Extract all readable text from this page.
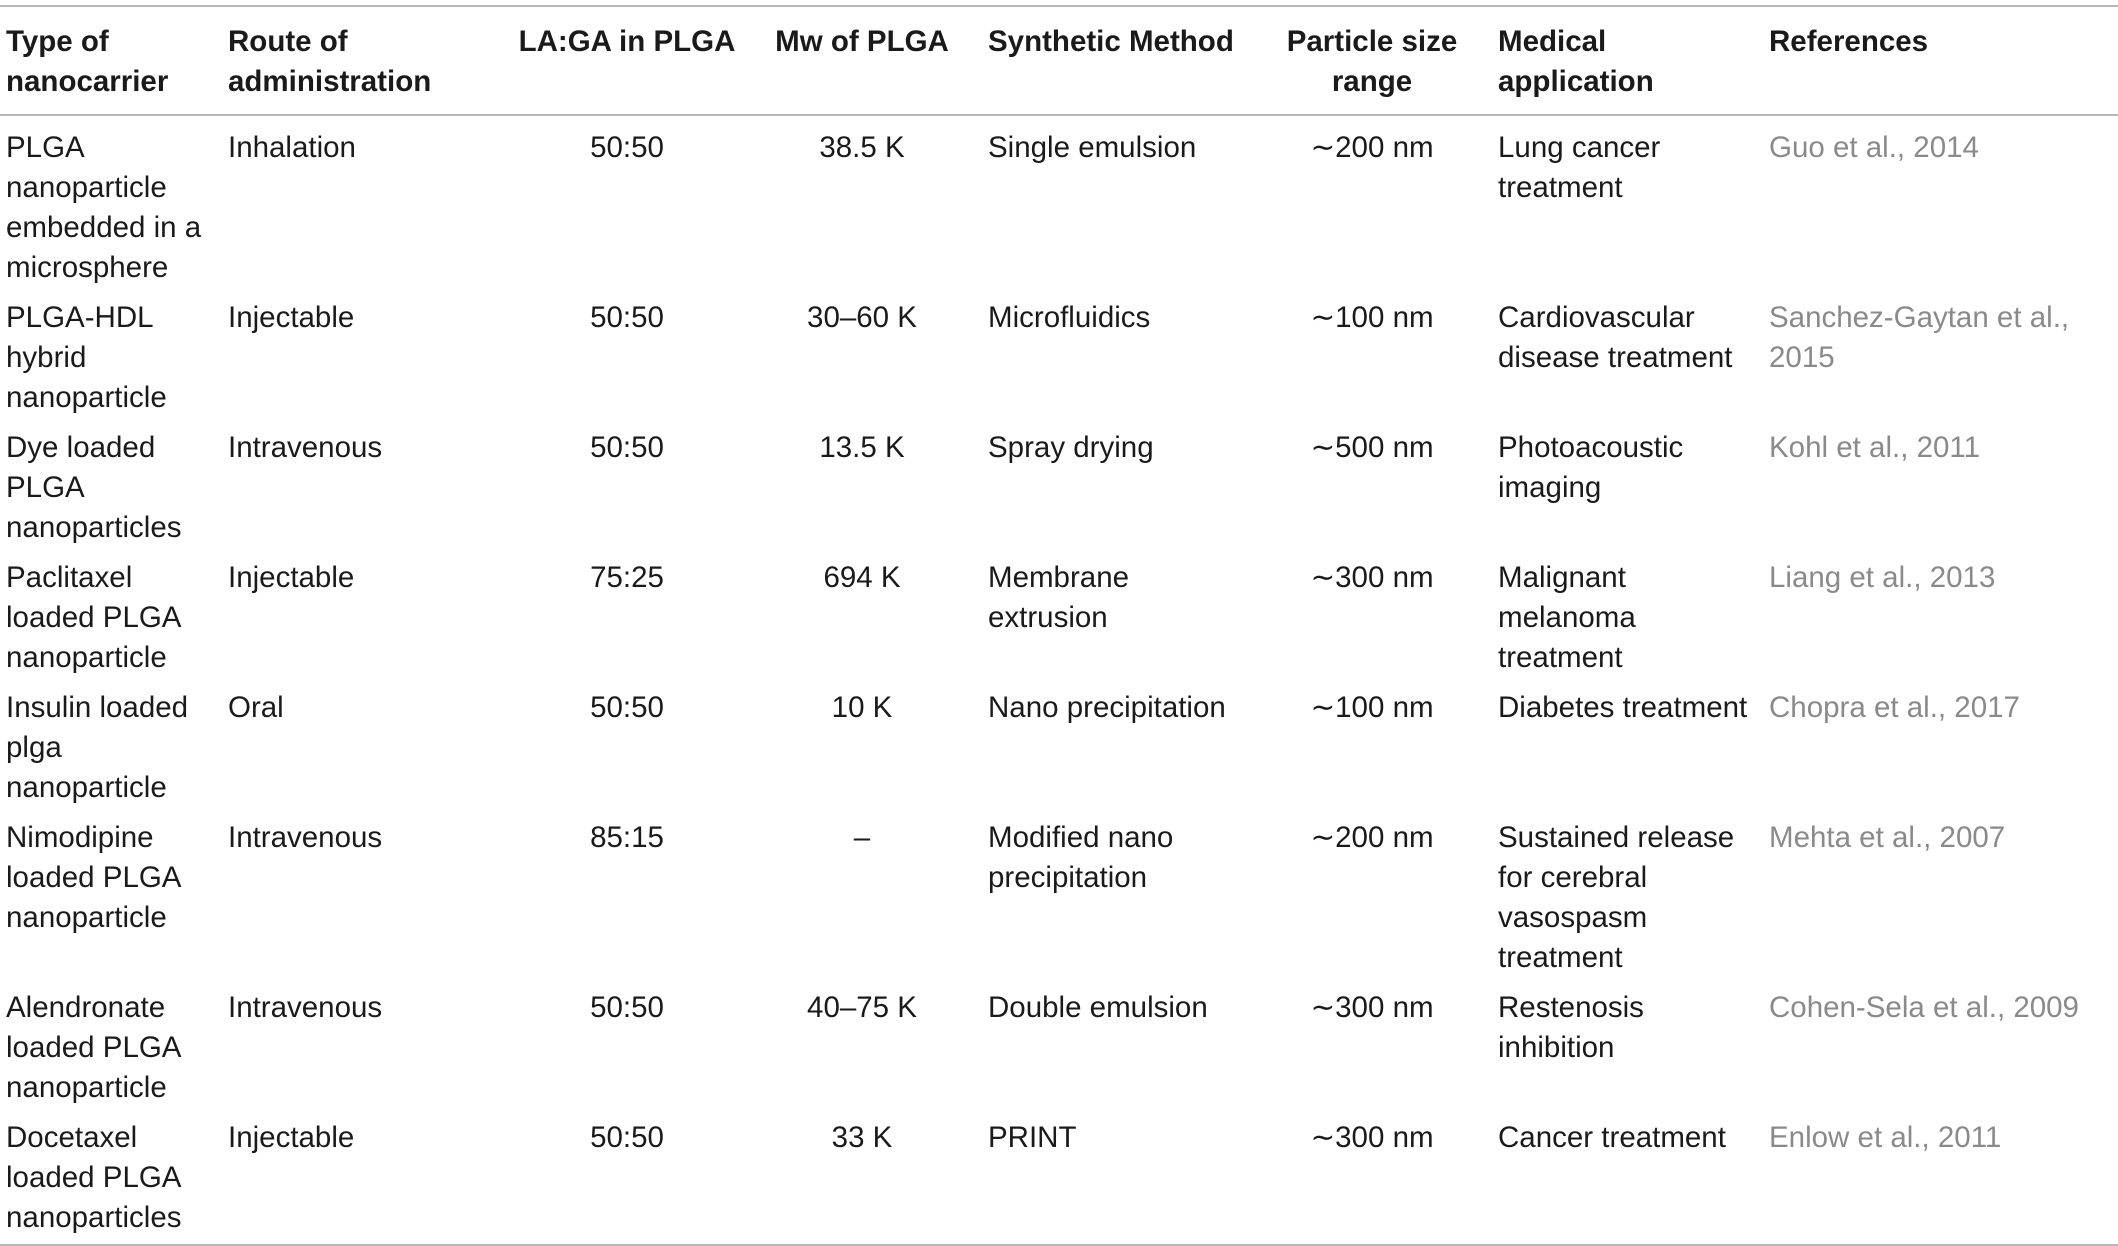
Type of nanocarrier	Route of administration	LA:GA in PLGA	Mw of PLGA	Synthetic Method	Particle size range	Medical application	References
PLGA nanoparticle embedded in a microsphere	Inhalation	50:50	38.5 K	Single emulsion	∼200 nm	Lung cancer treatment	Guo et al., 2014
PLGA-HDL hybrid nanoparticle	Injectable	50:50	30–60 K	Microfluidics	∼100 nm	Cardiovascular disease treatment	Sanchez-Gaytan et al., 2015
Dye loaded PLGA nanoparticles	Intravenous	50:50	13.5 K	Spray drying	∼500 nm	Photoacoustic imaging	Kohl et al., 2011
Paclitaxel loaded PLGA nanoparticle	Injectable	75:25	694 K	Membrane extrusion	∼300 nm	Malignant melanoma treatment	Liang et al., 2013
Insulin loaded plga nanoparticle	Oral	50:50	10 K	Nano precipitation	∼100 nm	Diabetes treatment	Chopra et al., 2017
Nimodipine loaded PLGA nanoparticle	Intravenous	85:15	–	Modified nano precipitation	∼200 nm	Sustained release for cerebral vasospasm treatment	Mehta et al., 2007
Alendronate loaded PLGA nanoparticle	Intravenous	50:50	40–75 K	Double emulsion	∼300 nm	Restenosis inhibition	Cohen-Sela et al., 2009
Docetaxel loaded PLGA nanoparticles	Injectable	50:50	33 K	PRINT	∼300 nm	Cancer treatment	Enlow et al., 2011
